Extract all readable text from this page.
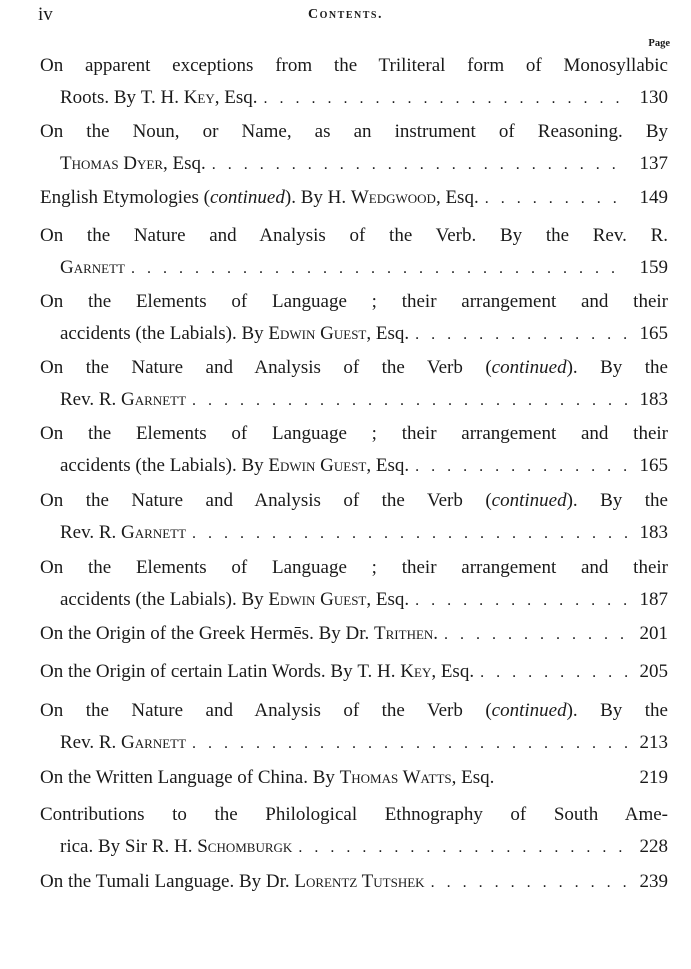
iv	Contents.
Page
On apparent exceptions from the Triliteral form of Monosyllabic
Roots. By T. H. Key, Esq. . . .	130
On the Noun, or Name, as an instrument of Reasoning. By
Thomas Dyer, Esq. . . .	137
English Etymologies (continued). By H. Wedgwood, Esq. . . .	149
On the Nature and Analysis of the Verb. By the Rev. R.
Garnett . . .	159
On the Elements of Language ; their arrangement and their
accidents (the Labials). By Edwin Guest, Esq. . . .	165
On the Nature and Analysis of the Verb (continued). By the
Rev. R. Garnett . . .	183
On the Elements of Language ; their arrangement and their
accidents (the Labials). By Edwin Guest, Esq. . . .	165
On the Nature and Analysis of the Verb (continued). By the
Rev. R. Garnett . . .	183
On the Elements of Language ; their arrangement and their
accidents (the Labials). By Edwin Guest, Esq. . . .	187
On the Origin of the Greek Hermēs. By Dr. Trithen. . . .	201
On the Origin of certain Latin Words. By T. H. Key, Esq. . . .	205
On the Nature and Analysis of the Verb (continued). By the
Rev. R. Garnett . . .	213
On the Written Language of China. By Thomas Watts, Esq.	219
Contributions to the Philological Ethnography of South Ame-
rica. By Sir R. H. Schomburgk . . .	228
On the Tumali Language. By Dr. Lorentz Tutshek . . .	239
